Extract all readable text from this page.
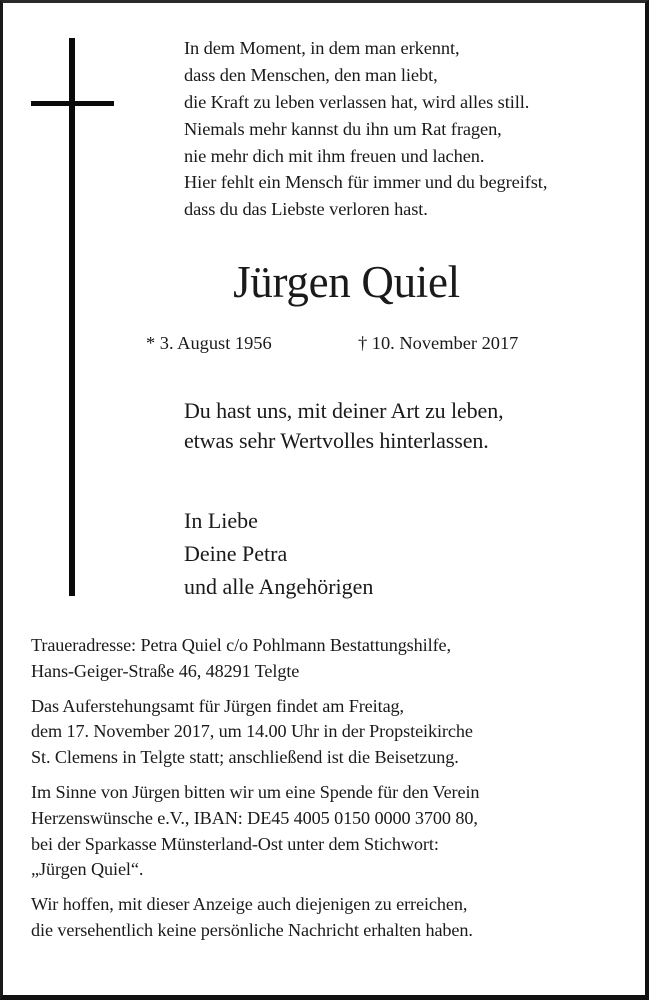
In dem Moment, in dem man erkennt,
dass den Menschen, den man liebt,
die Kraft zu leben verlassen hat, wird alles still.
Niemals mehr kannst du ihn um Rat fragen,
nie mehr dich mit ihm freuen und lachen.
Hier fehlt ein Mensch für immer und du begreifst,
dass du das Liebste verloren hast.
Jürgen Quiel
* 3. August 1956	† 10. November 2017
Du hast uns, mit deiner Art zu leben,
etwas sehr Wertvolles hinterlassen.
In Liebe
Deine Petra
und alle Angehörigen
Traueradresse: Petra Quiel c/o Pohlmann Bestattungshilfe,
Hans-Geiger-Straße 46, 48291 Telgte
Das Auferstehungsamt für Jürgen findet am Freitag,
dem 17. November 2017, um 14.00 Uhr in der Propsteikirche
St. Clemens in Telgte statt; anschließend ist die Beisetzung.
Im Sinne von Jürgen bitten wir um eine Spende für den Verein
Herzenswünsche e.V., IBAN: DE45 4005 0150 0000 3700 80,
bei der Sparkasse Münsterland-Ost unter dem Stichwort:
„Jürgen Quiel“.
Wir hoffen, mit dieser Anzeige auch diejenigen zu erreichen,
die versehentlich keine persönliche Nachricht erhalten haben.
